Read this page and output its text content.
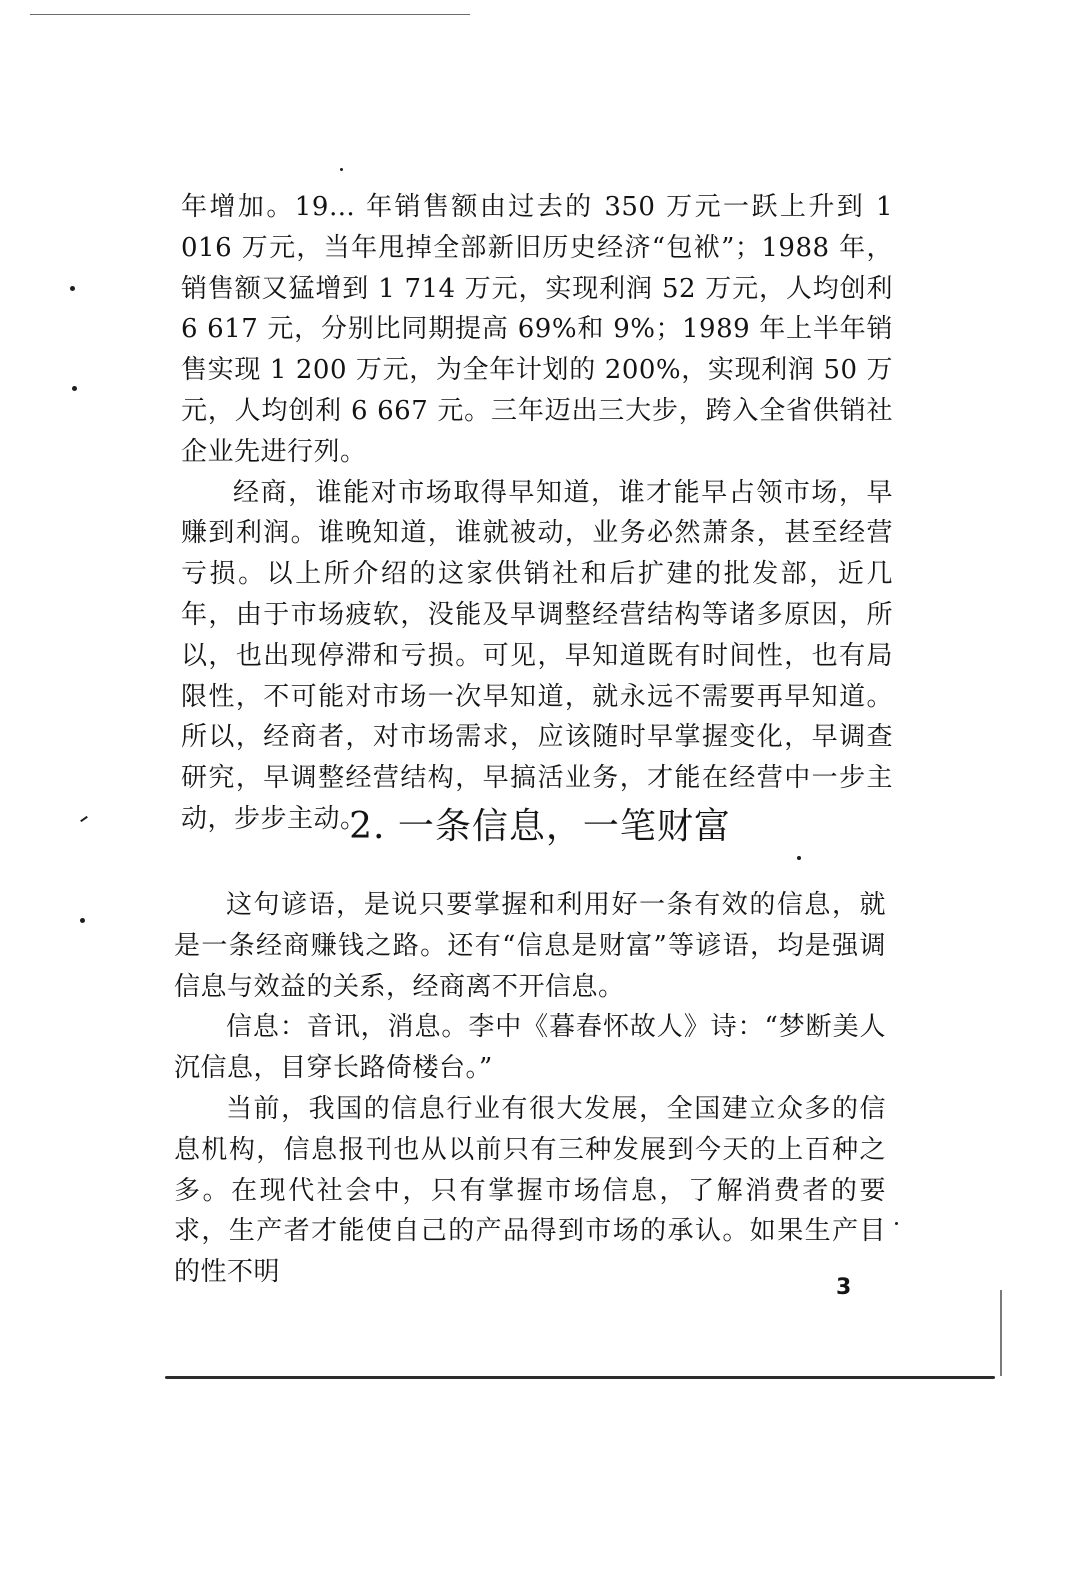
年增加。19… 年销售额由过去的 350 万元一跃上升到 1 016 万元，当年甩掉全部新旧历史经济“包袱”；1988 年，销售额又猛增到 1 714 万元，实现利润 52 万元，人均创利 6 617 元，分别比同期提高 69%和 9%；1989 年上半年销售实现 1 200 万元，为全年计划的 200%，实现利润 50 万元，人均创利 6 667 元。三年迈出三大步，跨入全省供销社企业先进行列。

经商，谁能对市场取得早知道，谁才能早占领市场，早赚到利润。谁晚知道，谁就被动，业务必然萧条，甚至经营亏损。以上所介绍的这家供销社和后扩建的批发部，近几年，由于市场疲软，没能及早调整经营结构等诸多原因，所以，也出现停滞和亏损。可见，早知道既有时间性，也有局限性，不可能对市场一次早知道，就永远不需要再早知道。所以，经商者，对市场需求，应该随时早掌握变化，早调查研究，早调整经营结构，早搞活业务，才能在经营中一步主动，步步主动。

2. 一条信息，一笔财富

这句谚语，是说只要掌握和利用好一条有效的信息，就是一条经商赚钱之路。还有“信息是财富”等谚语，均是强调信息与效益的关系，经商离不开信息。

信息：音讯，消息。李中《暮春怀故人》诗：“梦断美人沉信息，目穿长路倚楼台。”

当前，我国的信息行业有很大发展，全国建立众多的信息机构，信息报刊也从以前只有三种发展到今天的上百种之多。在现代社会中，只有掌握市场信息，了解消费者的要求，生产者才能使自己的产品得到市场的承认。如果生产目的性不明

3
